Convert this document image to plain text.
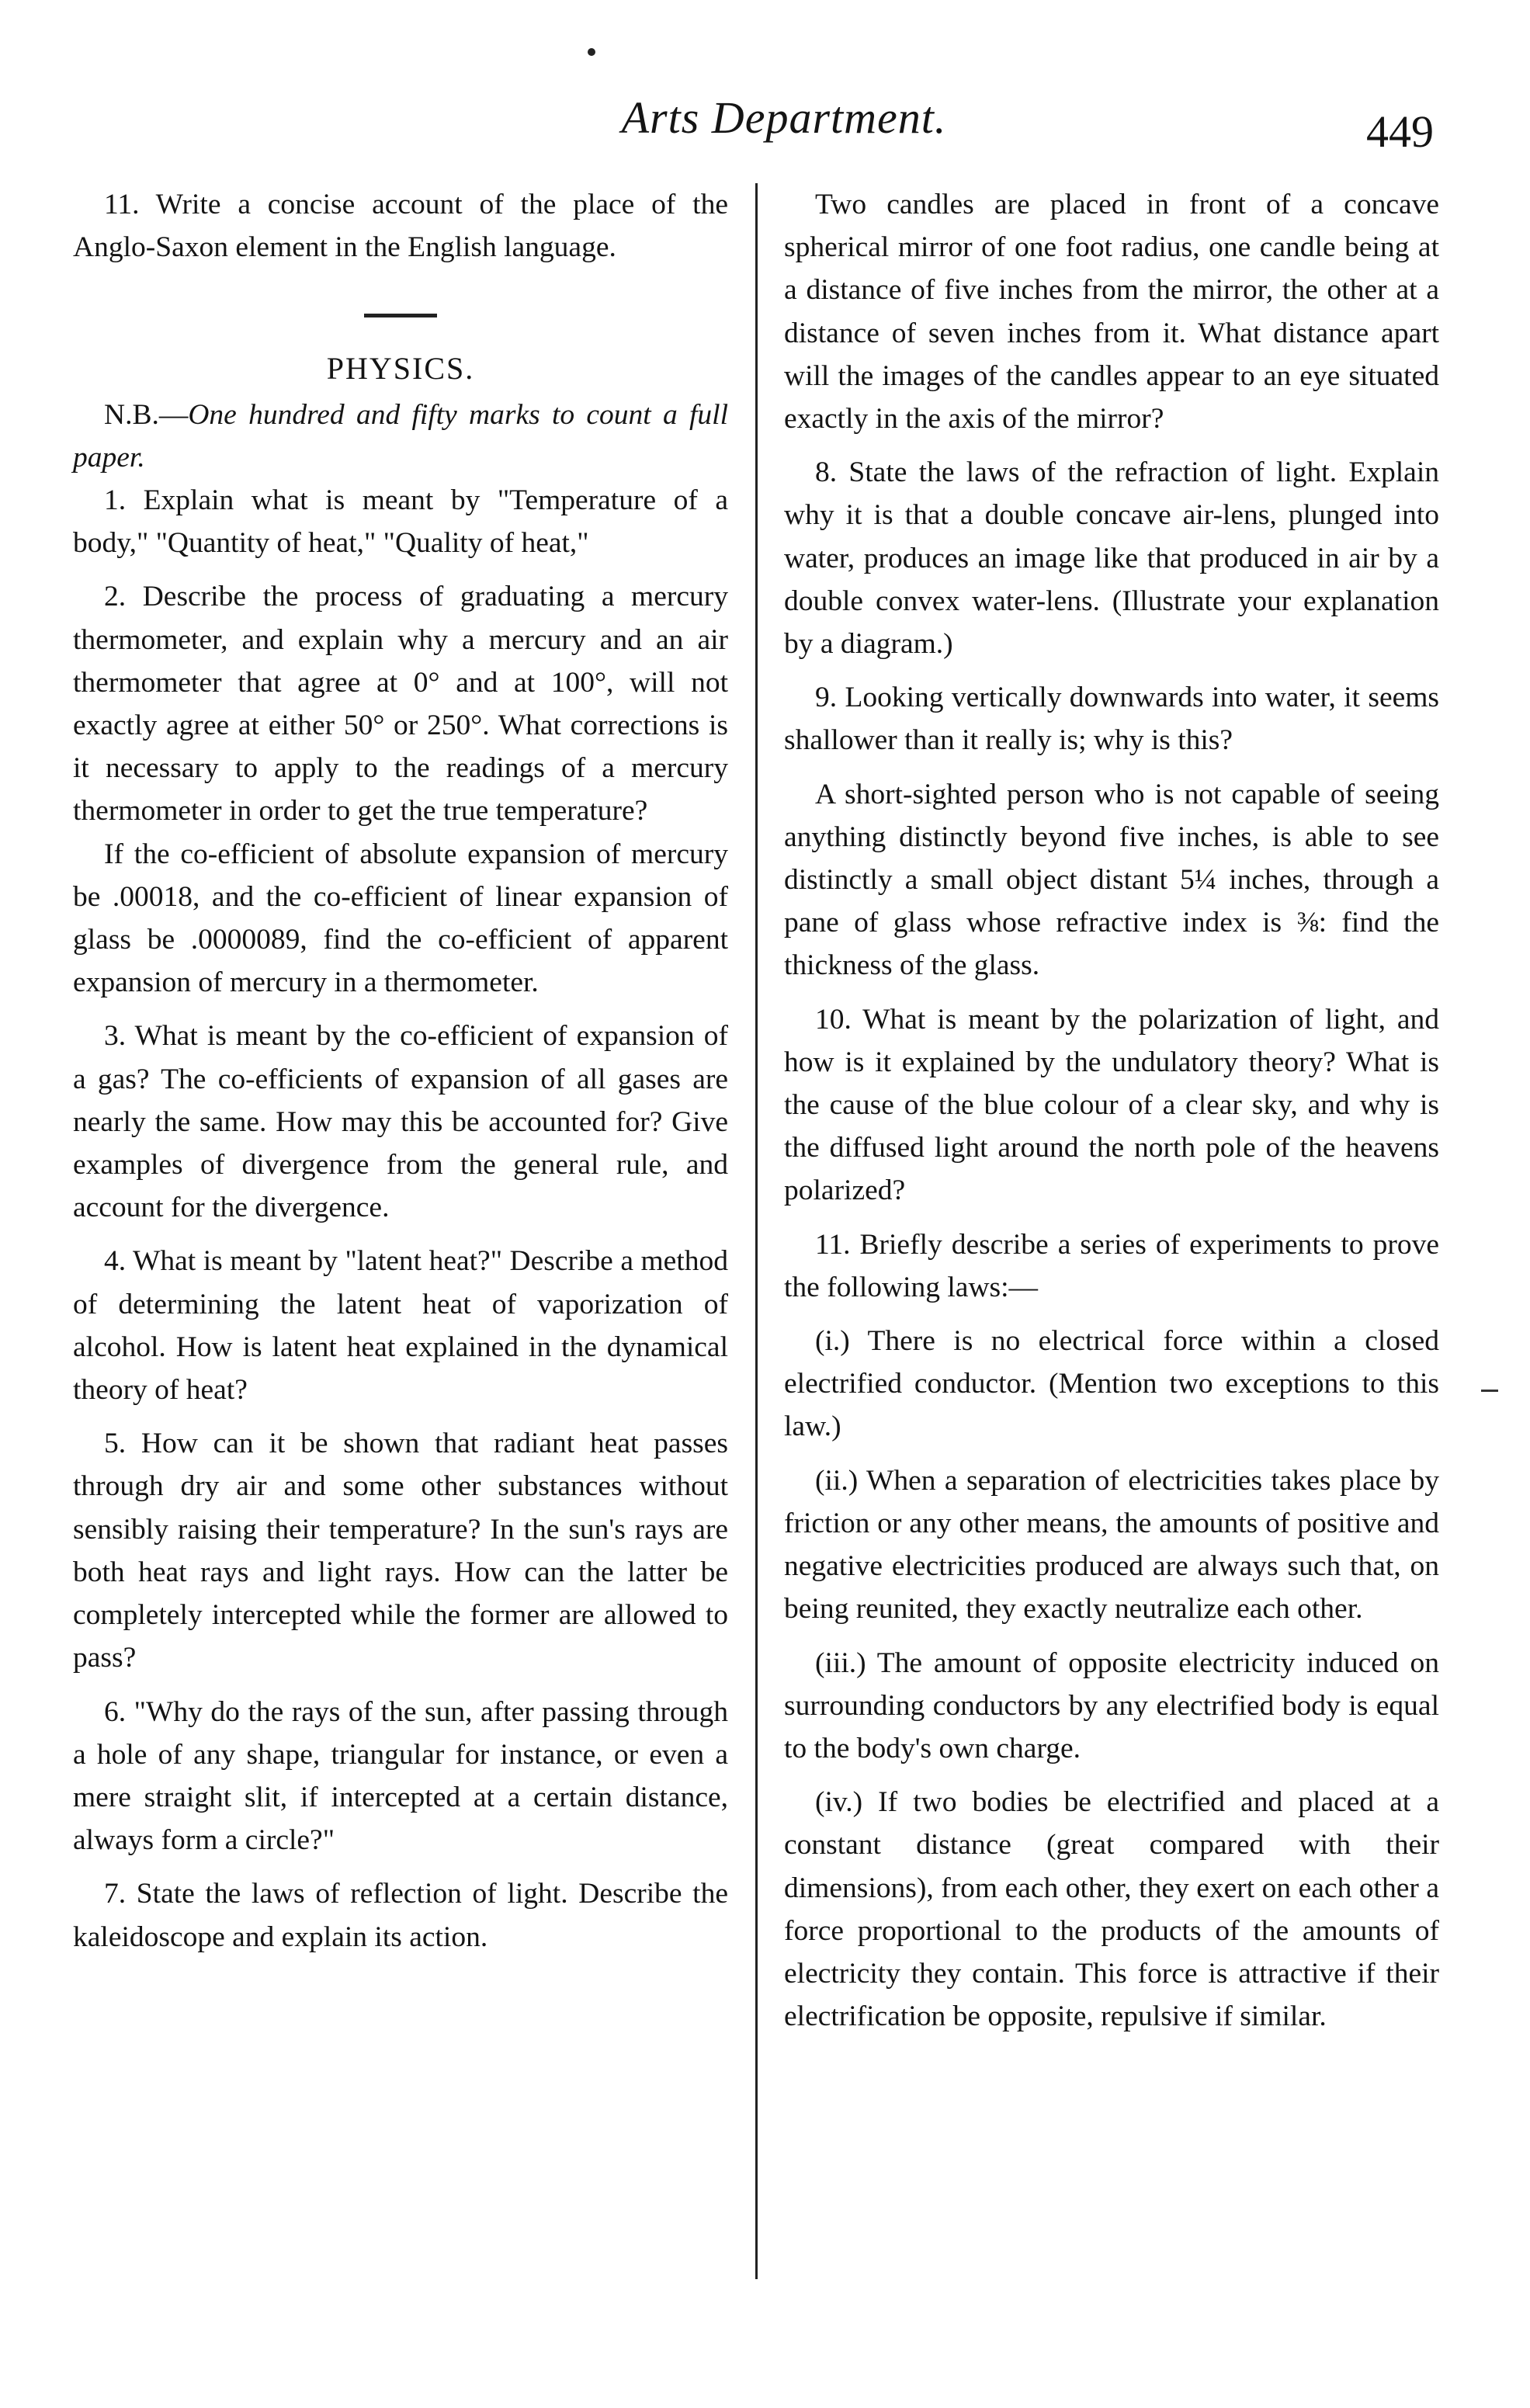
Arts Department.	449

11. Write a concise account of the place of the Anglo-Saxon element in the English language.

PHYSICS.

N.B.—One hundred and fifty marks to count a full paper.

1. Explain what is meant by "Temperature of a body," "Quantity of heat," "Quality of heat,"

2. Describe the process of graduating a mercury thermometer, and explain why a mercury and an air thermometer that agree at 0° and at 100°, will not exactly agree at either 50° or 250°. What corrections is it necessary to apply to the readings of a mercury thermometer in order to get the true temperature?

If the co-efficient of absolute expansion of mercury be .00018, and the co-efficient of linear expansion of glass be .0000089, find the co-efficient of apparent expansion of mercury in a thermometer.

3. What is meant by the co-efficient of expansion of a gas? The co-efficients of expansion of all gases are nearly the same. How may this be accounted for? Give examples of divergence from the general rule, and account for the divergence.

4. What is meant by "latent heat?" Describe a method of determining the latent heat of vaporization of alcohol. How is latent heat explained in the dynamical theory of heat?

5. How can it be shown that radiant heat passes through dry air and some other substances without sensibly raising their temperature? In the sun's rays are both heat rays and light rays. How can the latter be completely intercepted while the former are allowed to pass?

6. "Why do the rays of the sun, after passing through a hole of any shape, triangular for instance, or even a mere straight slit, if intercepted at a certain distance, always form a circle?"

7. State the laws of reflection of light. Describe the kaleidoscope and explain its action.

Two candles are placed in front of a concave spherical mirror of one foot radius, one candle being at a distance of five inches from the mirror, the other at a distance of seven inches from it. What distance apart will the images of the candles appear to an eye situated exactly in the axis of the mirror?

8. State the laws of the refraction of light. Explain why it is that a double concave air-lens, plunged into water, produces an image like that produced in air by a double convex water-lens. (Illustrate your explanation by a diagram.)

9. Looking vertically downwards into water, it seems shallower than it really is; why is this?

A short-sighted person who is not capable of seeing anything distinctly beyond five inches, is able to see distinctly a small object distant 5¼ inches, through a pane of glass whose refractive index is ⅜: find the thickness of the glass.

10. What is meant by the polarization of light, and how is it explained by the undulatory theory? What is the cause of the blue colour of a clear sky, and why is the diffused light around the north pole of the heavens polarized?

11. Briefly describe a series of experiments to prove the following laws:—

(i.) There is no electrical force within a closed electrified conductor. (Mention two exceptions to this law.)

(ii.) When a separation of electricities takes place by friction or any other means, the amounts of positive and negative electricities produced are always such that, on being reunited, they exactly neutralize each other.

(iii.) The amount of opposite electricity induced on surrounding conductors by any electrified body is equal to the body's own charge.

(iv.) If two bodies be electrified and placed at a constant distance (great compared with their dimensions), from each other, they exert on each other a force proportional to the products of the amounts of electricity they contain. This force is attractive if their electrification be opposite, repulsive if similar.
